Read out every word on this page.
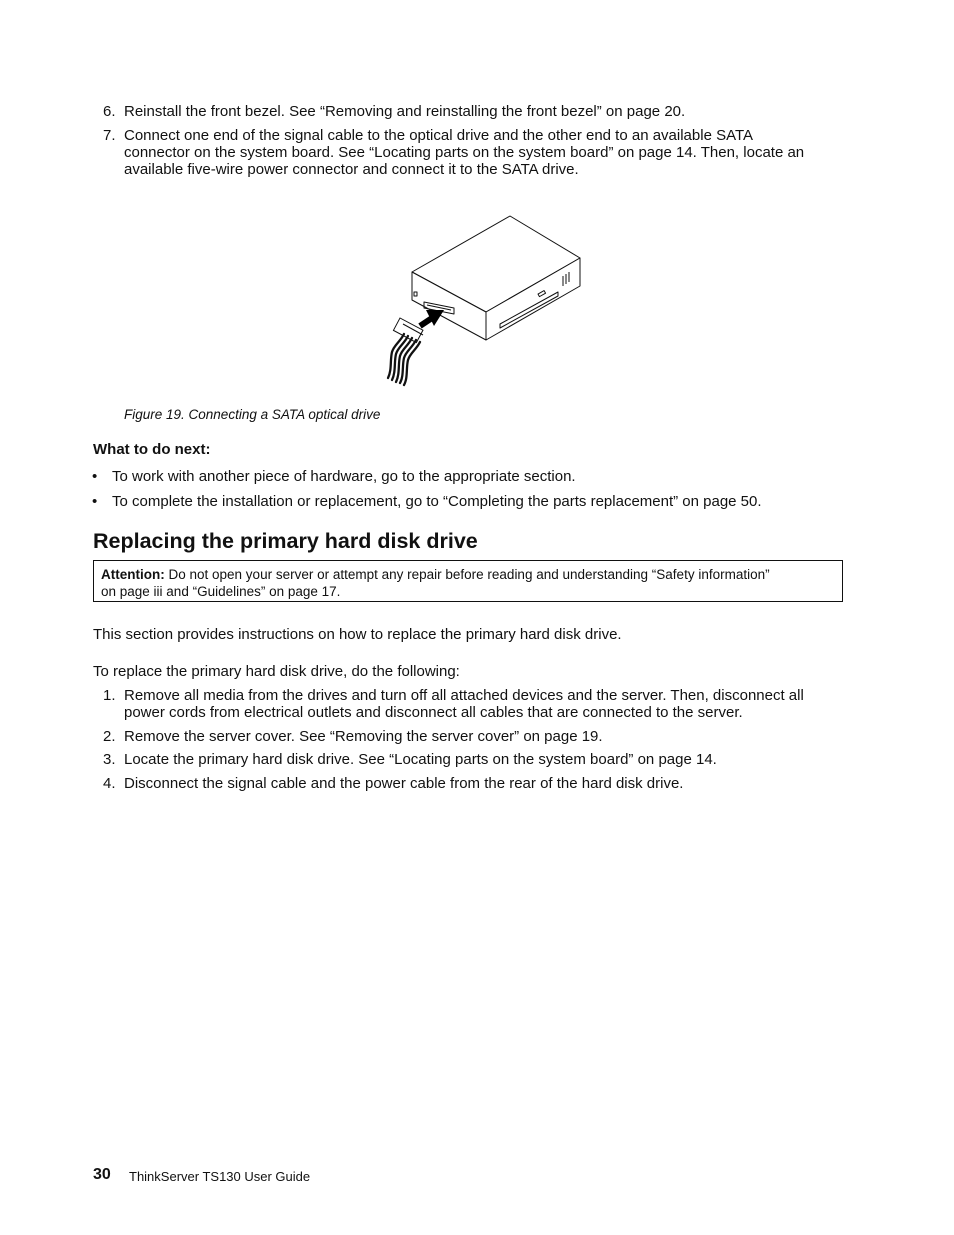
6. Reinstall the front bezel. See “Removing and reinstalling the front bezel” on page 20.
7. Connect one end of the signal cable to the optical drive and the other end to an available SATA
connector on the system board. See “Locating parts on the system board” on page 14. Then, locate an
available five-wire power connector and connect it to the SATA drive.
Figure 19. Connecting a SATA optical drive
What to do next:
• To work with another piece of hardware, go to the appropriate section.
• To complete the installation or replacement, go to “Completing the parts replacement” on page 50.
Replacing the primary hard disk drive
Attention: Do not open your server or attempt any repair before reading and understanding “Safety information”
on page iii and “Guidelines” on page 17.
This section provides instructions on how to replace the primary hard disk drive.
To replace the primary hard disk drive, do the following:
1. Remove all media from the drives and turn off all attached devices and the server. Then, disconnect all
power cords from electrical outlets and disconnect all cables that are connected to the server.
2. Remove the server cover. See “Removing the server cover” on page 19.
3. Locate the primary hard disk drive. See “Locating parts on the system board” on page 14.
4. Disconnect the signal cable and the power cable from the rear of the hard disk drive.
30 ThinkServer TS130 User Guide
